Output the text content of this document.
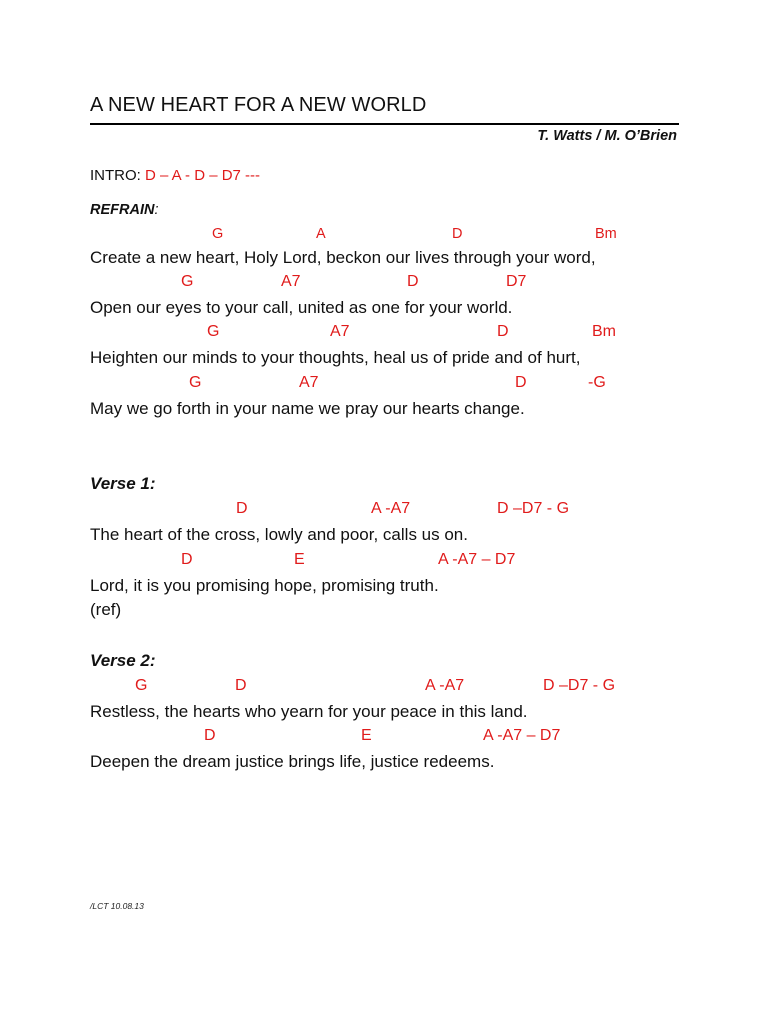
A NEW HEART FOR A NEW WORLD
T. Watts / M. O’Brien
INTRO: D – A - D – D7 ---
REFRAIN:
G	A	D	Bm
Create a new heart, Holy Lord, beckon our lives through your word,
G	A7	D	D7
Open our eyes to your call, united as one for your world.
G	A7	D	Bm
Heighten our minds to your thoughts, heal us of pride and of hurt,
G	A7	D	-G
May we go forth in your name we pray our hearts change.
Verse 1:
D	A -A7	D –D7 - G
The heart of the cross, lowly and poor, calls us on.
D	E	A -A7 – D7
Lord, it is you promising hope, promising truth.
(ref)
Verse 2:
G	D	A -A7	D –D7 - G
Restless, the hearts who yearn for your peace in this land.
D	E	A -A7 – D7
Deepen the dream justice brings life, justice redeems.
/LCT 10.08.13
